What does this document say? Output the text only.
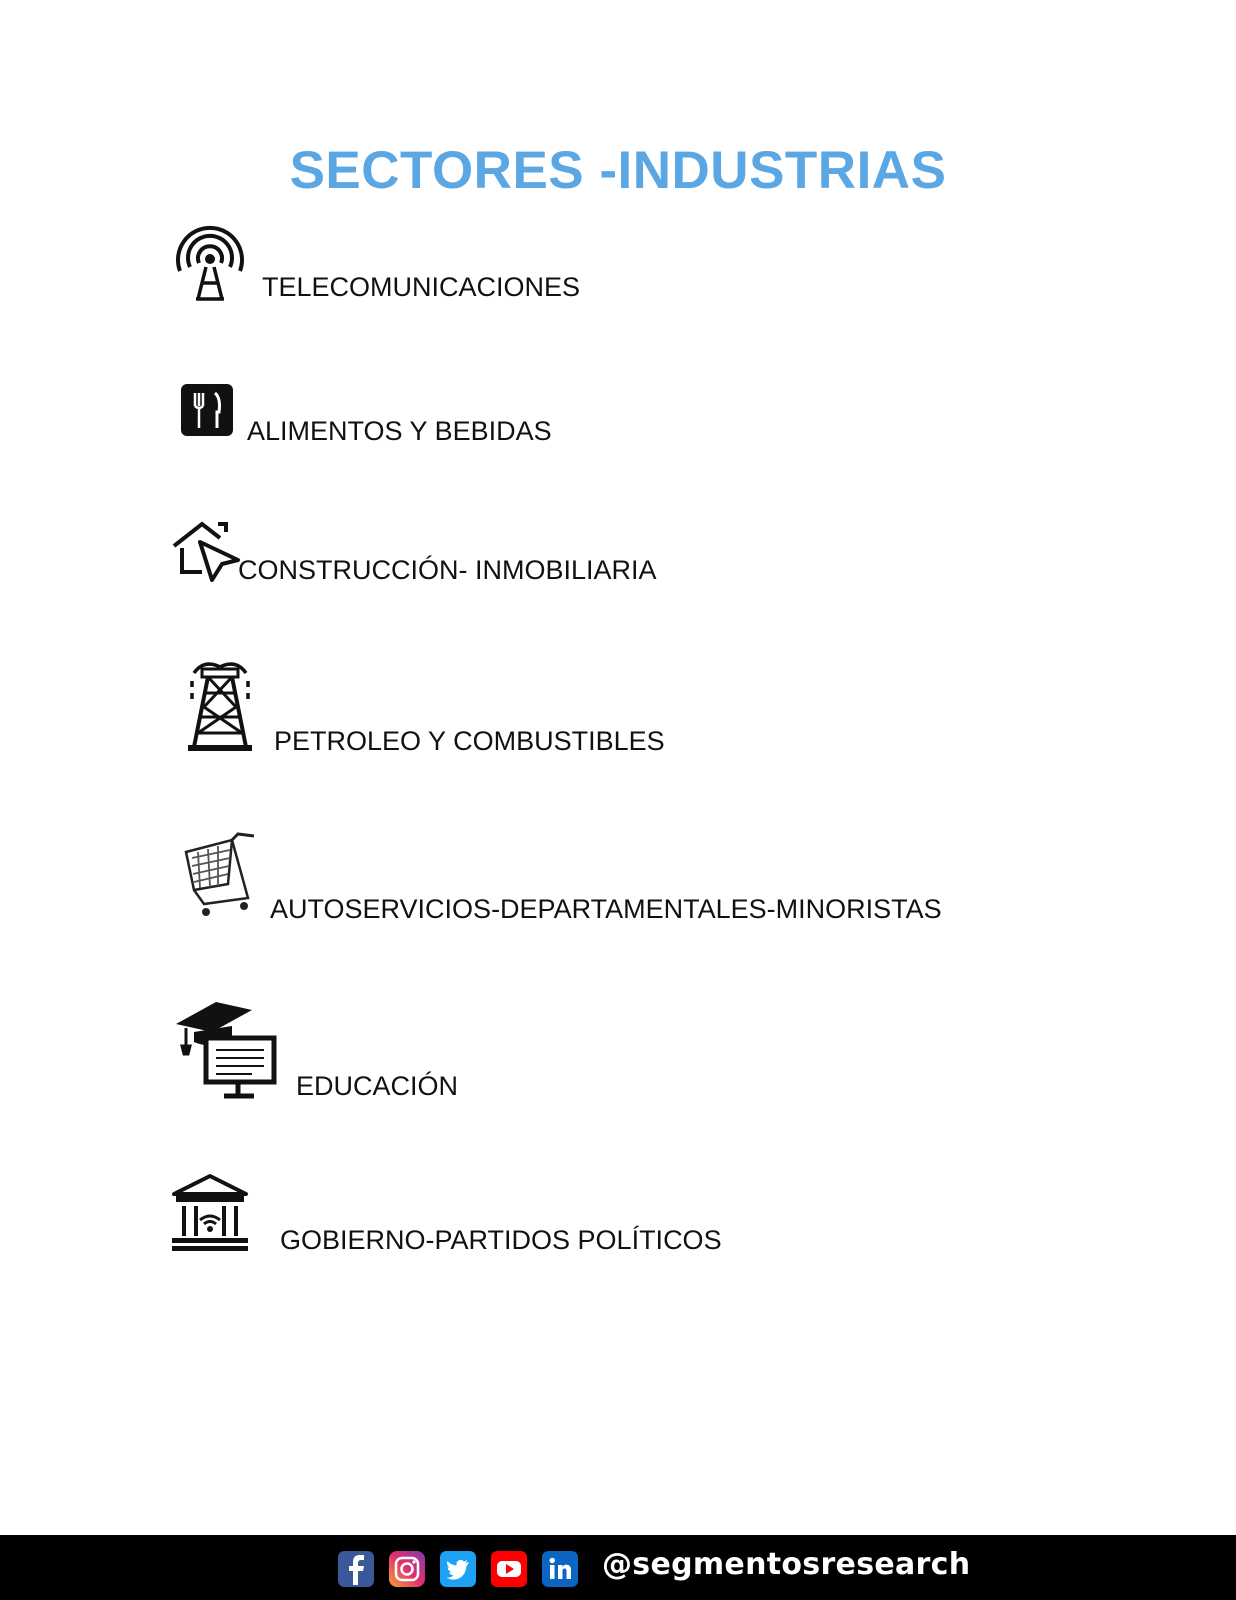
SECTORES -INDUSTRIAS
TELECOMUNICACIONES
ALIMENTOS Y BEBIDAS
CONSTRUCCIÓN- INMOBILIARIA
PETROLEO Y COMBUSTIBLES
AUTOSERVICIOS-DEPARTAMENTALES-MINORISTAS
EDUCACIÓN
GOBIERNO-PARTIDOS POLÍTICOS
@segmentosresearch
